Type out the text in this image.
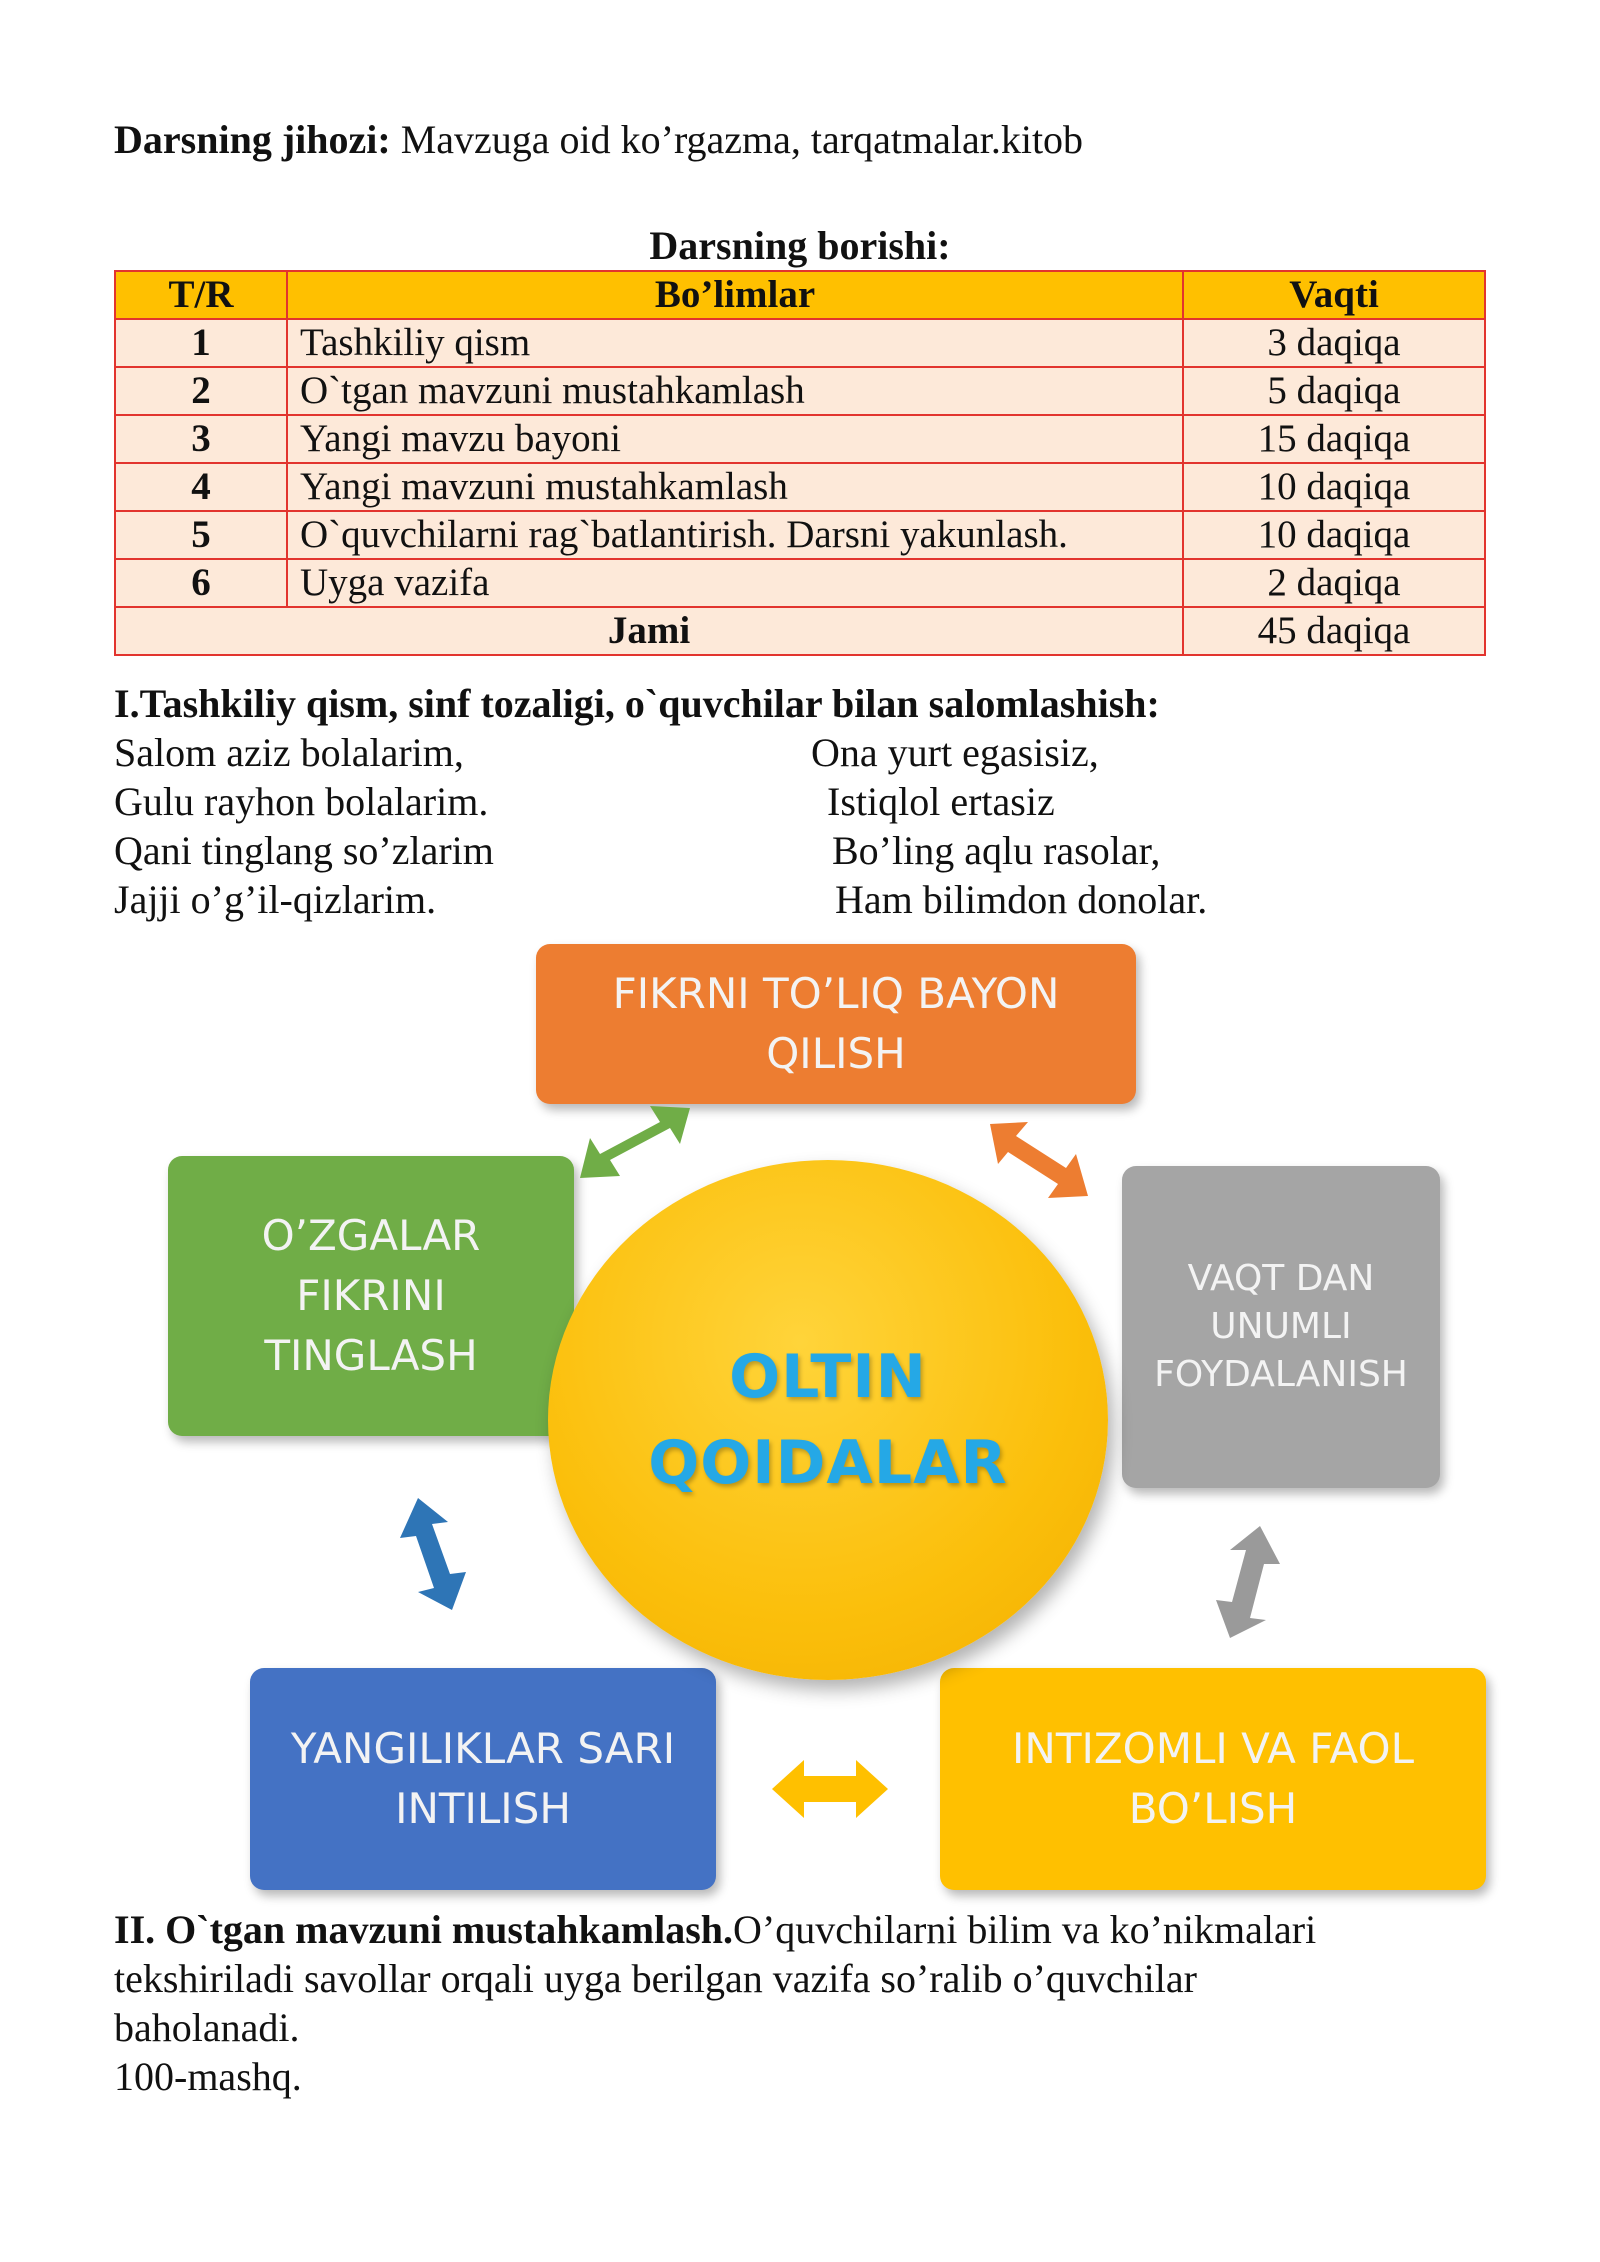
Darsning jihozi: Mavzuga oid ko’rgazma, tarqatmalar.kitob
Darsning borishi:
T/R	Bo’limlar	Vaqti
1	Tashkiliy qism	3 daqiqa
2	O`tgan mavzuni mustahkamlash	5 daqiqa
3	Yangi mavzu bayoni	15 daqiqa
4	Yangi mavzuni mustahkamlash	10 daqiqa
5	O`quvchilarni rag`batlantirish. Darsni yakunlash.	10 daqiqa
6	Uyga vazifa	2 daqiqa
Jami		45 daqiqa
I.Tashkiliy qism, sinf tozaligi, o`quvchilar bilan salomlashish:
Salom aziz bolalarim,
Gulu rayhon bolalarim.
Qani tinglang so’zlarim
Jajji o’g’il-qizlarim.
Ona yurt egasisiz,
Istiqlol ertasiz
Bo’ling aqlu rasolar,
Ham bilimdon donolar.
FIKRNI TO’LIQ BAYON
QILISH
O’ZGALAR
FIKRINI
TINGLASH
VAQT DAN
UNUMLI
FOYDALANISH
YANGILIKLAR SARI
INTILISH
INTIZOMLI VA FAOL
BO’LISH
OLTIN
QOIDALAR
II. O`tgan mavzuni mustahkamlash.O’quvchilarni bilim va ko’nikmalari
tekshiriladi savollar orqali uyga berilgan vazifa so’ralib o’quvchilar
baholanadi.
100-mashq.
